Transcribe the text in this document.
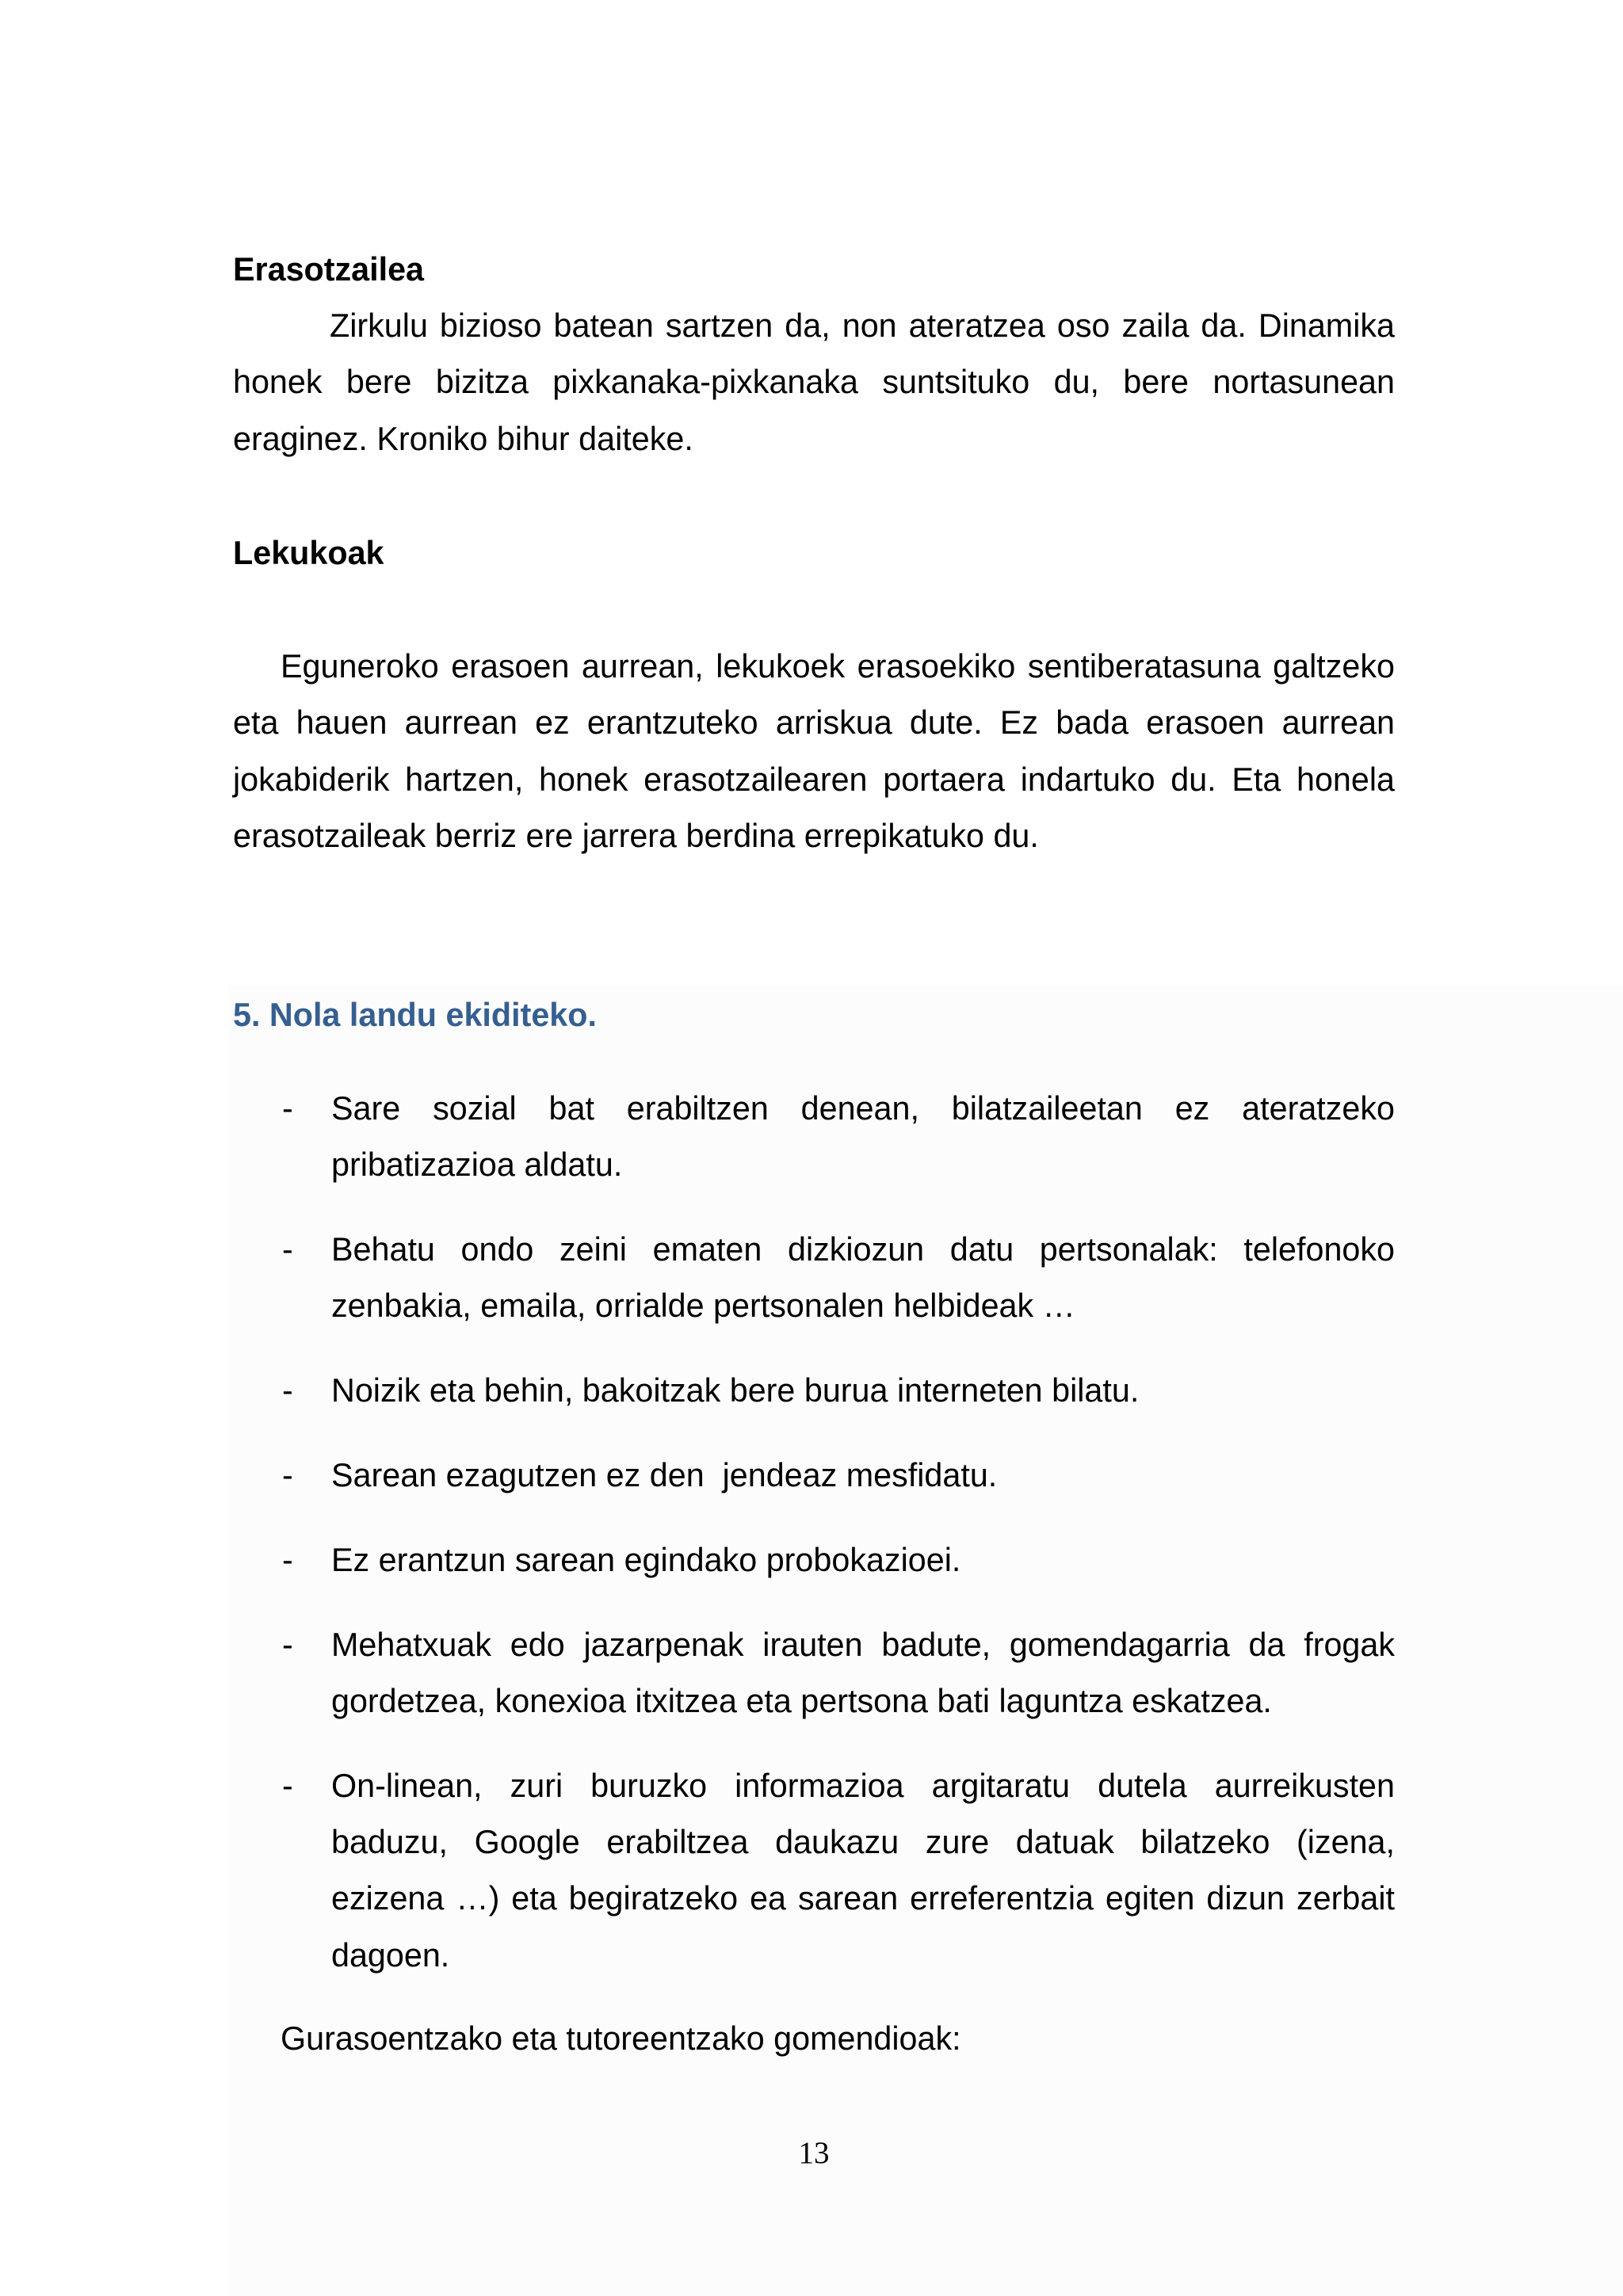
Erasotzailea
Zirkulu bizioso batean sartzen da, non ateratzea oso zaila da. Dinamika
honek bere bizitza pixkanaka-pixkanaka suntsituko du, bere nortasunean
eraginez. Kroniko bihur daiteke.
Lekukoak
Eguneroko erasoen aurrean, lekukoek erasoekiko sentiberatasuna galtzeko
eta hauen aurrean ez erantzuteko arriskua dute. Ez bada erasoen aurrean
jokabiderik hartzen, honek erasotzailearen portaera indartuko du. Eta honela
erasotzaileak berriz ere jarrera berdina errepikatuko du.
5. Nola landu ekiditeko.
- Sare sozial bat erabiltzen denean, bilatzaileetan ez ateratzeko
pribatizazioa aldatu.
- Behatu ondo zeini ematen dizkiozun datu pertsonalak: telefonoko
zenbakia, emaila, orrialde pertsonalen helbideak …
- Noizik eta behin, bakoitzak bere burua interneten bilatu.
- Sarean ezagutzen ez den  jendeaz mesfidatu.
- Ez erantzun sarean egindako probokazioei.
- Mehatxuak edo jazarpenak irauten badute, gomendagarria da frogak
gordetzea, konexioa itxitzea eta pertsona bati laguntza eskatzea.
- On-linean, zuri buruzko informazioa argitaratu dutela aurreikusten
baduzu, Google erabiltzea daukazu zure datuak bilatzeko (izena,
ezizena …) eta begiratzeko ea sarean erreferentzia egiten dizun zerbait
dagoen.
Gurasoentzako eta tutoreentzako gomendioak:
13
